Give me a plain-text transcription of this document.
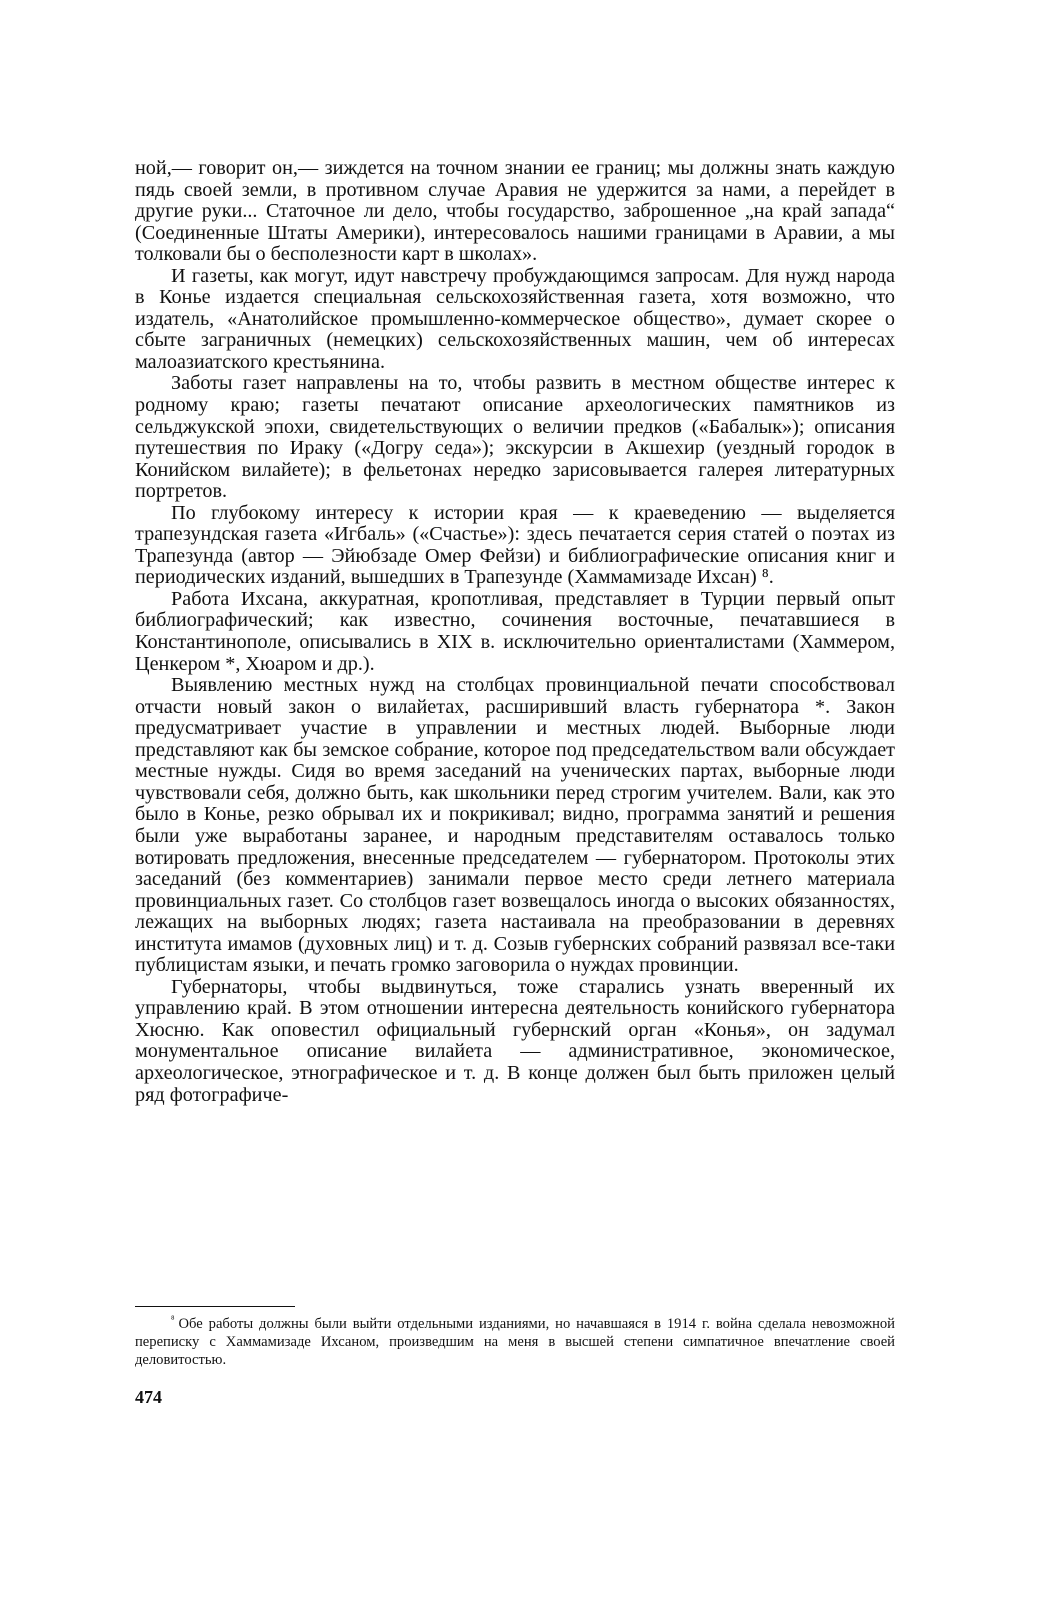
ной,— говорит он,— зиждется на точном знании ее границ; мы должны знать каждую пядь своей земли, в противном случае Аравия не удержится за нами, а перейдет в другие руки... Статочное ли дело, чтобы государство, заброшенное „на край запада“ (Соединенные Штаты Америки), интересовалось нашими границами в Аравии, а мы толковали бы о бесполезности карт в школах».

И газеты, как могут, идут навстречу пробуждающимся запросам. Для нужд народа в Конье издается специальная сельскохозяйственная газета, хотя возможно, что издатель, «Анатолийское промышленно-коммерческое общество», думает скорее о сбыте заграничных (немецких) сельскохозяйственных машин, чем об интересах малоазиатского крестьянина.

Заботы газет направлены на то, чтобы развить в местном обществе интерес к родному краю; газеты печатают описание археологических памятников из сельджукской эпохи, свидетельствующих о величии предков («Бабалык»); описания путешествия по Ираку («Догру седа»); экскурсии в Акшехир (уездный городок в Конийском вилайете); в фельетонах нередко зарисовывается галерея литературных портретов.

По глубокому интересу к истории края — к краеведению — выделяется трапезундская газета «Игбаль» («Счастье»): здесь печатается серия статей о поэтах из Трапезунда (автор — Эйюбзаде Омер Фейзи) и библиографические описания книг и периодических изданий, вышедших в Трапезунде (Хаммамизаде Ихсан) ⁸.

Работа Ихсана, аккуратная, кропотливая, представляет в Турции первый опыт библиографический; как известно, сочинения восточные, печатавшиеся в Константинополе, описывались в XIX в. исключительно ориенталистами (Хаммером, Ценкером *, Хюаром и др.).

Выявлению местных нужд на столбцах провинциальной печати способствовал отчасти новый закон о вилайетах, расширивший власть губернатора *. Закон предусматривает участие в управлении и местных людей. Выборные люди представляют как бы земское собрание, которое под председательством вали обсуждает местные нужды. Сидя во время заседаний на ученических партах, выборные люди чувствовали себя, должно быть, как школьники перед строгим учителем. Вали, как это было в Конье, резко обрывал их и покрикивал; видно, программа занятий и решения были уже выработаны заранее, и народным представителям оставалось только вотировать предложения, внесенные председателем — губернатором. Протоколы этих заседаний (без комментариев) занимали первое место среди летнего материала провинциальных газет. Со столбцов газет возвещалось иногда о высоких обязанностях, лежащих на выборных людях; газета настаивала на преобразовании в деревнях института имамов (духовных лиц) и т. д. Созыв губернских собраний развязал все-таки публицистам языки, и печать громко заговорила о нуждах провинции.

Губернаторы, чтобы выдвинуться, тоже старались узнать вверенный их управлению край. В этом отношении интересна деятельность конийского губернатора Хюсню. Как оповестил официальный губернский орган «Конья», он задумал монументальное описание вилайета — административное, экономическое, археологическое, этнографическое и т. д. В конце должен был быть приложен целый ряд фотографиче-

$^{^8}$ Обе работы должны были выйти отдельными изданиями, но начавшаяся в 1914 г. война сделала невозможной переписку с Хаммамизаде Ихсаном, произведшим на меня в высшей степени симпатичное впечатление своей деловитостью.

474
